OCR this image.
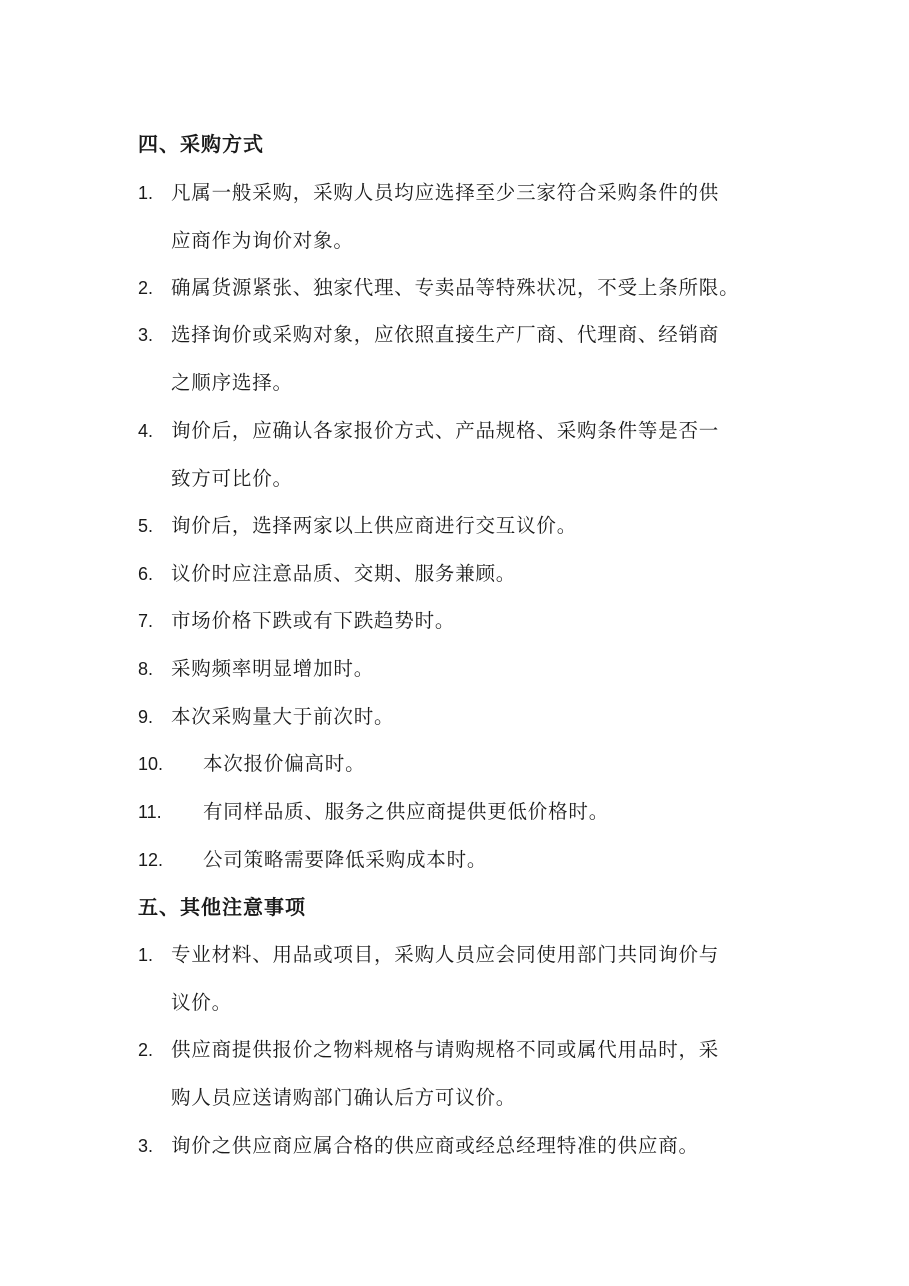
四、采购方式
1. 凡属一般采购，采购人员均应选择至少三家符合采购条件的供
应商作为询价对象。
2. 确属货源紧张、独家代理、专卖品等特殊状况，不受上条所限。
3. 选择询价或采购对象，应依照直接生产厂商、代理商、经销商
之顺序选择。
4. 询价后，应确认各家报价方式、产品规格、采购条件等是否一
致方可比价。
5. 询价后，选择两家以上供应商进行交互议价。
6. 议价时应注意品质、交期、服务兼顾。
7. 市场价格下跌或有下跌趋势时。
8. 采购频率明显增加时。
9. 本次采购量大于前次时。
10. 本次报价偏高时。
11. 有同样品质、服务之供应商提供更低价格时。
12. 公司策略需要降低采购成本时。
五、其他注意事项
1. 专业材料、用品或项目，采购人员应会同使用部门共同询价与
议价。
2. 供应商提供报价之物料规格与请购规格不同或属代用品时，采
购人员应送请购部门确认后方可议价。
3. 询价之供应商应属合格的供应商或经总经理特准的供应商。
